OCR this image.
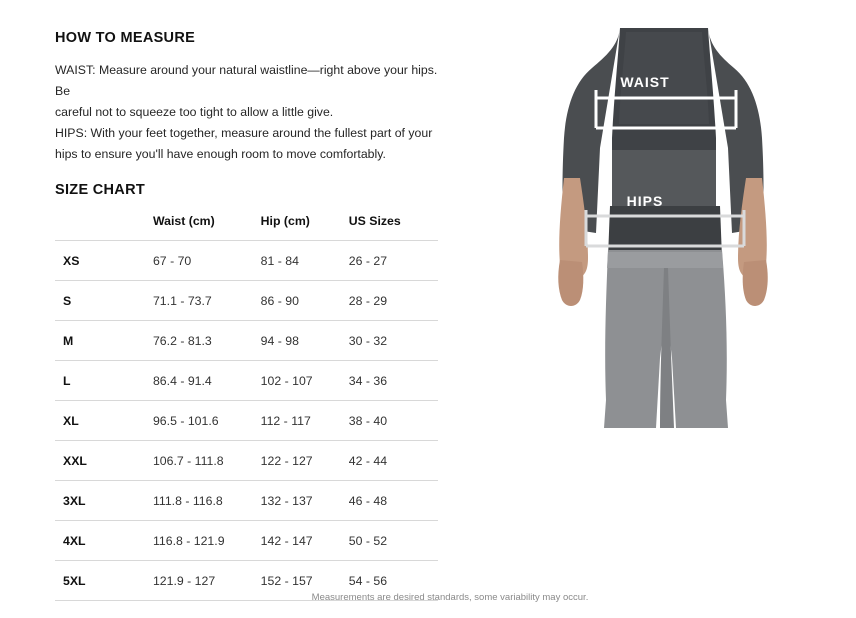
HOW TO MEASURE

WAIST: Measure around your natural waistline—right above your hips. Be
careful not to squeeze too tight to allow a little give.
HIPS: With your feet together, measure around the fullest part of your
hips to ensure you'll have enough room to move comfortably.

SIZE CHART
	Waist (cm)	Hip (cm)	US Sizes
XS	67 - 70	81 - 84	26 - 27
S	71.1 - 73.7	86 - 90	28 - 29
M	76.2 - 81.3	94 - 98	30 - 32
L	86.4 - 91.4	102 - 107	34 - 36
XL	96.5 - 101.6	112 - 117	38 - 40
XXL	106.7 - 111.8	122 - 127	42 - 44
3XL	111.8 - 116.8	132 - 137	46 - 48
4XL	116.8 - 121.9	142 - 147	50 - 52
5XL	121.9 - 127	152 - 157	54 - 56
Measurements are desired standards, some variability may occur.
WAIST
HIPS
